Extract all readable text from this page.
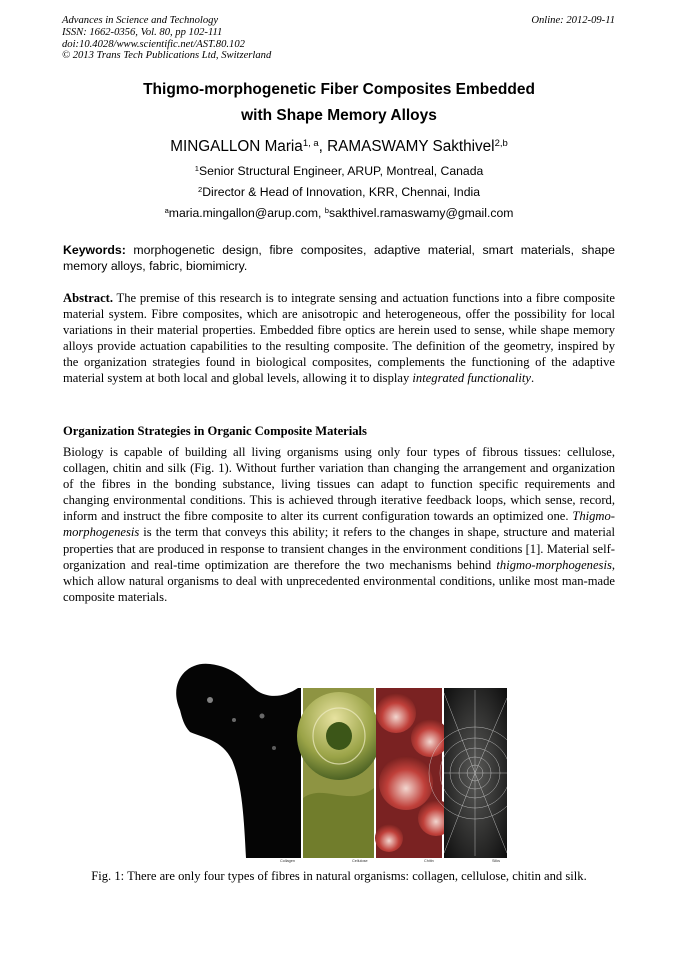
Advances in Science and Technology
ISSN: 1662-0356, Vol. 80, pp 102-111
doi:10.4028/www.scientific.net/AST.80.102
© 2013 Trans Tech Publications Ltd, Switzerland
Online: 2012-09-11
Thigmo-morphogenetic Fiber Composites Embedded
with Shape Memory Alloys
MINGALLON Maria$^{1, a}$, RAMASWAMY Sakthivel$^{2,b}$
$^1$Senior Structural Engineer, ARUP, Montreal, Canada
$^2$Director & Head of Innovation, KRR, Chennai, India
$^a$maria.mingallon@arup.com, $^b$sakthivel.ramaswamy@gmail.com
Keywords: morphogenetic design, fibre composites, adaptive material, smart materials, shape memory alloys, fabric, biomimicry.
Abstract. The premise of this research is to integrate sensing and actuation functions into a fibre composite material system. Fibre composites, which are anisotropic and heterogeneous, offer the possibility for local variations in their material properties. Embedded fibre optics are herein used to sense, while shape memory alloys provide actuation capabilities to the resulting composite. The definition of the geometry, inspired by the organization strategies found in biological composites, complements the functioning of the adaptive material system at both local and global levels, allowing it to display integrated functionality.
Organization Strategies in Organic Composite Materials
Biology is capable of building all living organisms using only four types of fibrous tissues: cellulose, collagen, chitin and silk (Fig. 1). Without further variation than changing the arrangement and organization of the fibres in the bonding substance, living tissues can adapt to function specific requirements and changing environmental conditions. This is achieved through iterative feedback loops, which sense, record, inform and instruct the fibre composite to alter its current configuration towards an optimized one. Thigmo-morphogenesis is the term that conveys this ability; it refers to the changes in shape, structure and material properties that are produced in response to transient changes in the environment conditions [1]. Material self-organization and real-time optimization are therefore the two mechanisms behind thigmo-morphogenesis, which allow natural organisms to deal with unprecedented environmental conditions, unlike most man-made composite materials.
Collagen	Cellulose	Chitin	Silks
Fig. 1: There are only four types of fibres in natural organisms: collagen, cellulose, chitin and silk.
